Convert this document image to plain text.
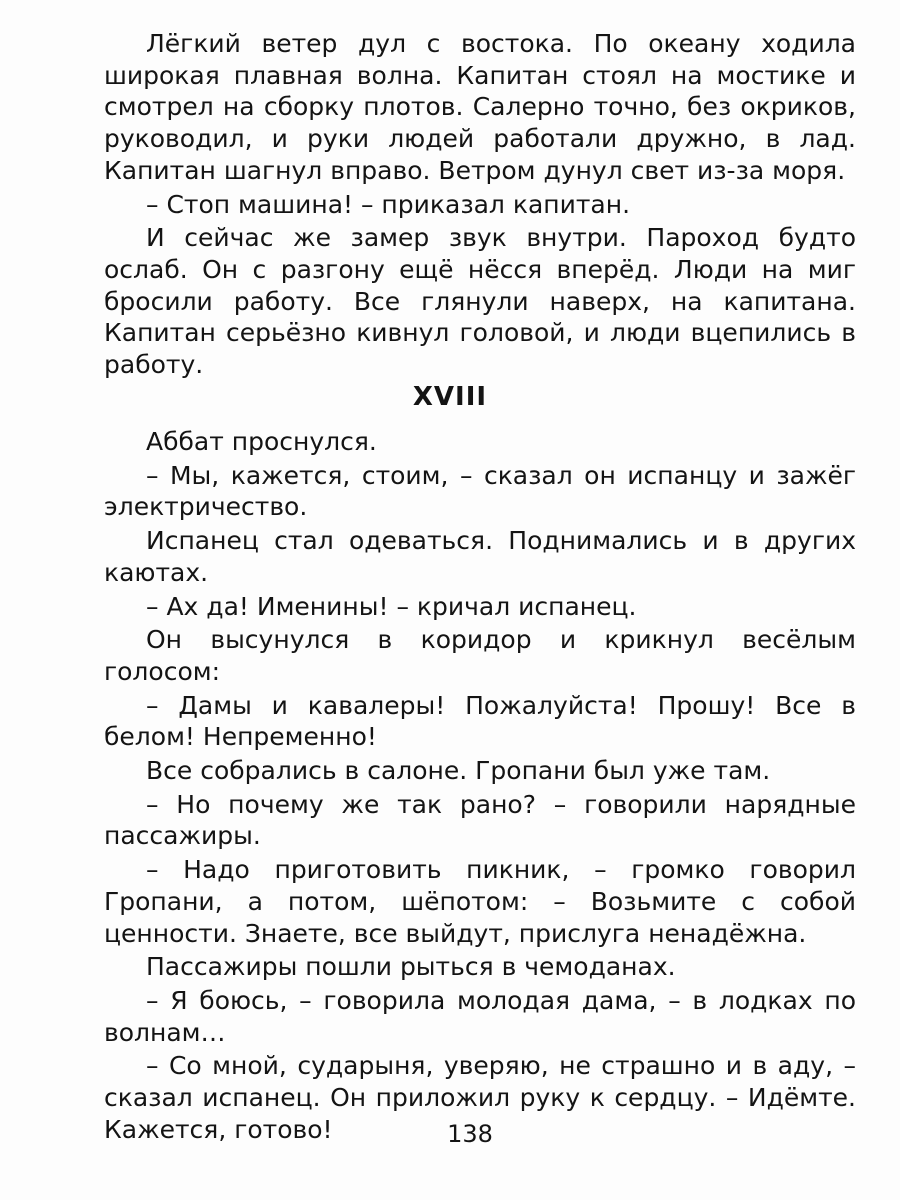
Лёгкий ветер дул с востока. По океану ходила широкая плавная волна. Капитан стоял на мостике и смотрел на сборку плотов. Салерно точно, без окриков, руководил, и руки людей работали дружно, в лад. Капитан шагнул вправо. Ветром дунул свет из-за моря.

– Стоп машина! – приказал капитан.

И сейчас же замер звук внутри. Пароход будто ослаб. Он с разгону ещё нёсся вперёд. Люди на миг бросили работу. Все глянули наверх, на капитана. Капитан серьёзно кивнул головой, и люди вцепились в работу.

XVIII

Аббат проснулся.

– Мы, кажется, стоим, – сказал он испанцу и зажёг электричество.

Испанец стал одеваться. Поднимались и в других каютах.

– Ах да! Именины! – кричал испанец.

Он высунулся в коридор и крикнул весёлым голосом:

– Дамы и кавалеры! Пожалуйста! Прошу! Все в белом! Непременно!

Все собрались в салоне. Гропани был уже там.

– Но почему же так рано? – говорили нарядные пассажиры.

– Надо приготовить пикник, – громко говорил Гропани, а потом, шёпотом: – Возьмите с собой ценности. Знаете, все выйдут, прислуга ненадёжна.

Пассажиры пошли рыться в чемоданах.

– Я боюсь, – говорила молодая дама, – в лодках по волнам…

– Со мной, сударыня, уверяю, не страшно и в аду, – сказал испанец. Он приложил руку к сердцу. – Идёмте. Кажется, готово!	138
